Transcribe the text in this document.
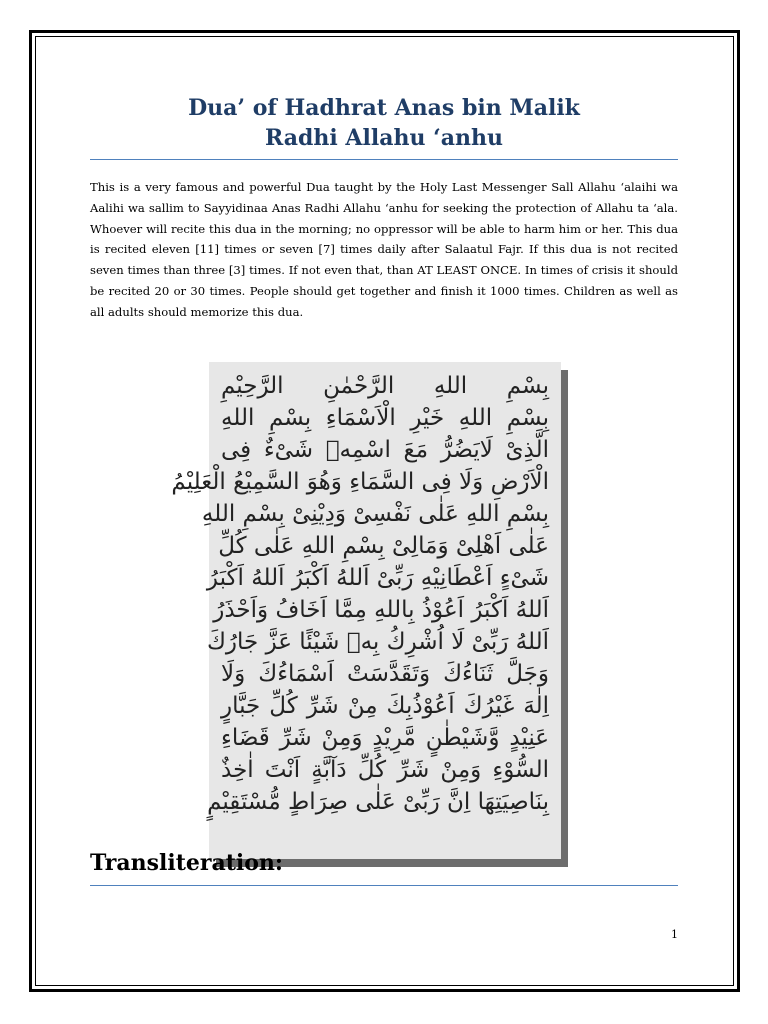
Dua’ of Hadhrat Anas bin Malik
Radhi Allahu ‘anhu

This is a very famous and powerful Dua taught by the Holy Last Messenger Sall Allahu ‘alaihi wa Aalihi wa sallim to Sayyidinaa Anas Radhi Allahu ‘anhu for seeking the protection of Allahu ta ‘ala. Whoever will recite this dua in the morning; no oppressor will be able to harm him or her. This dua is recited eleven [11] times or seven [7] times daily after Salaatul Fajr. If this dua is not recited seven times than three [3] times. If not even that, than AT LEAST ONCE. In times of crisis it should be recited 20 or 30 times. People should get together and finish it 1000 times. Children as well as all adults should memorize this dua.

بِسْمِ اللهِ الرَّحْمٰنِ الرَّحِيْمِ
بِسْمِ اللهِ خَيْرِ الْاَسْمَاءِ بِسْمِ اللهِ
الَّذِىْ لَايَضُرُّ مَعَ اسْمِهٖ شَىْءٌ فِى
الْاَرْضِ وَلَا فِى السَّمَاءِ وَهُوَ السَّمِيْعُ الْعَلِيْمُ
بِسْمِ اللهِ عَلٰى نَفْسِىْ وَدِيْنِىْ بِسْمِ اللهِ
عَلٰى اَهْلِىْ وَمَالِىْ بِسْمِ اللهِ عَلٰى كُلِّ
شَىْءٍ اَعْطَانِيْهِ رَبِّىْ اَللهُ اَكْبَرُ اَللهُ اَكْبَرُ
اَللهُ اَكْبَرُ اَعُوْذُ بِاللهِ مِمَّا اَخَافُ وَاَحْذَرُ
اَللهُ رَبِّىْ لَا اُشْرِكُ بِهٖ شَيْئًا عَزَّ جَارُكَ
وَجَلَّ ثَنَاءُكَ وَتَقَدَّسَتْ اَسْمَاءُكَ وَلَا
اِلٰهَ غَيْرُكَ اَعُوْذُبِكَ مِنْ شَرِّ كُلِّ جَبَّارٍ
عَنِيْدٍ وَّشَيْطٰنٍ مَّرِيْدٍ وَمِنْ شَرِّ قَضَاءِ
السُّوْءِ وَمِنْ شَرِّ كُلِّ دَآبَّةٍ اَنْتَ اٰخِذٌ
بِنَاصِيَتِهَا اِنَّ رَبِّىْ عَلٰى صِرَاطٍ مُّسْتَقِيْمٍ
Transliteration:
1
